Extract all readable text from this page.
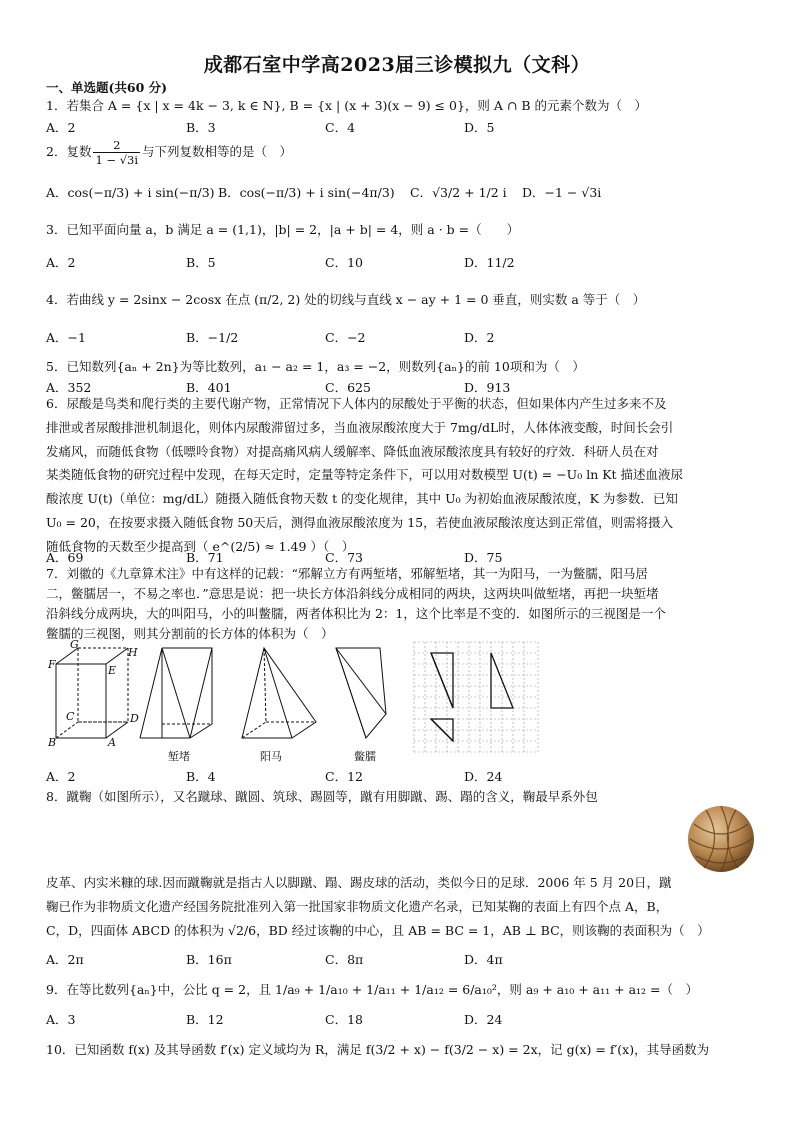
成都石室中学高2023届三诊模拟九（文科）
一、单选题(共60 分)
1．若集合 A = {x | x = 4k − 3, k ∈ N}, B = {x | (x + 3)(x − 9) ≤ 0}，则 A ∩ B 的元素个数为（　）
A．2	B．3	C．4	D．5
2．复数 $\frac{2}{1 - √3i}$ 与下列复数相等的是（　）
A．cos(−π/3) + i sin(−π/3) B．cos(−π/3) + i sin(−4π/3) C．√3/2 + 1/2 i D．−1 − √3i
3．已知平面向量 a，b 满足 a = (1,1)，|b| = 2，|a + b| = 4，则 a · b =（　　）
A．2	B．5	C．10	D．11/2
4．若曲线 y = 2sinx − 2cosx 在点 (π/2, 2) 处的切线与直线 x − ay + 1 = 0 垂直，则实数 a 等于（　）
A．−1	B．−1/2	C．−2	D．2
5．已知数列{aₙ + 2n}为等比数列，a₁ − a₂ = 1，a₃ = −2，则数列{aₙ}的前 10项和为（　）
A．352	B．401	C．625	D．913
6．尿酸是鸟类和爬行类的主要代谢产物，正常情况下人体内的尿酸处于平衡的状态，但如果体内产生过多来不及
排泄或者尿酸排泄机制退化，则体内尿酸滞留过多，当血液尿酸浓度大于 7mg/dL时，人体体液变酸，时间长会引
发痛风，而随低食物（低嘌呤食物）对提高痛风病人缓解率、降低血液尿酸浓度具有较好的疗效．科研人员在对
某类随低食物的研究过程中发现，在每天定时，定量等特定条件下，可以用对数模型 U(t) = −U₀ ln Kt 描述血液尿
酸浓度 U(t)（单位：mg/dL）随摄入随低食物天数 t 的变化规律，其中 U₀ 为初始血液尿酸浓度，K 为参数．已知
U₀ = 20，在按要求摄入随低食物 50天后，测得血液尿酸浓度为 15，若使血液尿酸浓度达到正常值，则需将摄入
随低食物的天数至少提高到（ e^(2/5) ≈ 1.49 ）（　）
A．69	B．71	C．73	D．75
7．刘徽的《九章算术注》中有这样的记载：“邪解立方有两堑堵，邪解堑堵，其一为阳马，一为鳖臑，阳马居
二，鳖臑居一，不易之率也．”意思是说：把一块长方体沿斜线分成相同的两块，这两块叫做堑堵，再把一块堑堵
沿斜线分成两块，大的叫阳马，小的叫鳖臑，两者体积比为 2：1，这个比率是不变的．如图所示的三视图是一个
鳖臑的三视图，则其分割前的长方体的体积为（　）
F
G
H
E
C	D
B	A
堑堵	阳马	鳖臑
A．2	B．4	C．12	D．24
8．蹴鞠（如图所示），又名蹴球、蹴圆、筑球、踢圆等，蹴有用脚蹴、踢、蹋的含义，鞠最早系外包
皮革、内实米糠的球.因而蹴鞠就是指古人以脚蹴、蹋、踢皮球的活动，类似今日的足球．2006 年 5 月 20日，蹴
鞠已作为非物质文化遗产经国务院批准列入第一批国家非物质文化遗产名录，已知某鞠的表面上有四个点 A，B，
C，D，四面体 ABCD 的体积为 √2/6，BD 经过该鞠的中心，且 AB = BC = 1，AB ⊥ BC，则该鞠的表面积为（　）
A．2π	B．16π	C．8π	D．4π
9．在等比数列{aₙ}中，公比 q = 2，且 1/a₉ + 1/a₁₀ + 1/a₁₁ + 1/a₁₂ = 6/a₁₀²，则 a₉ + a₁₀ + a₁₁ + a₁₂ =（　）
A．3	B．12	C．18	D．24
10．已知函数 f(x) 及其导函数 f′(x) 定义域均为 R，满足 f(3/2 + x) − f(3/2 − x) = 2x，记 g(x) = f′(x)，其导函数为
